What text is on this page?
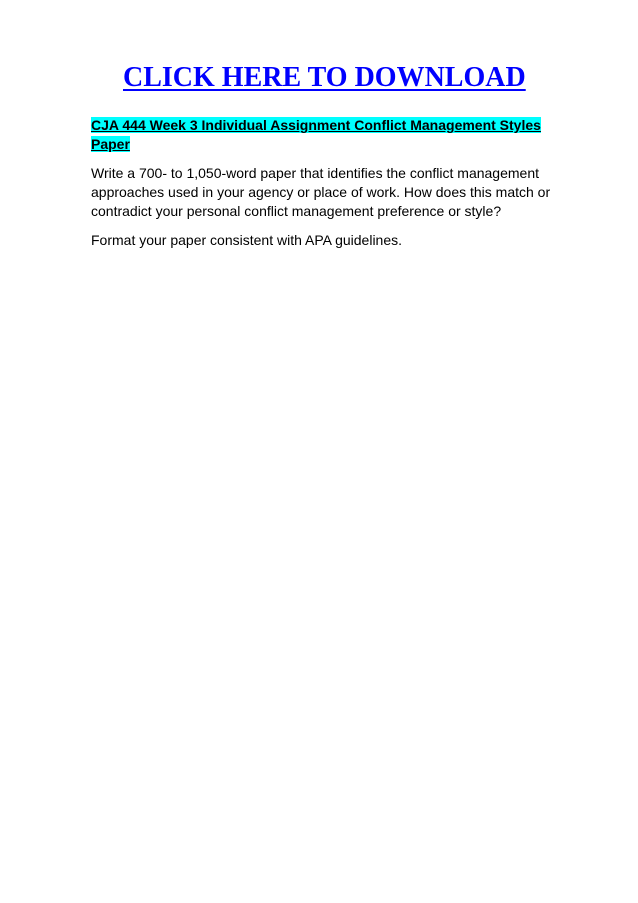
CLICK HERE TO DOWNLOAD

CJA 444 Week 3 Individual Assignment Conflict Management Styles Paper

Write a 700- to 1,050-word paper that identifies the conflict management approaches used in your agency or place of work. How does this match or contradict your personal conflict management preference or style?

Format your paper consistent with APA guidelines.
